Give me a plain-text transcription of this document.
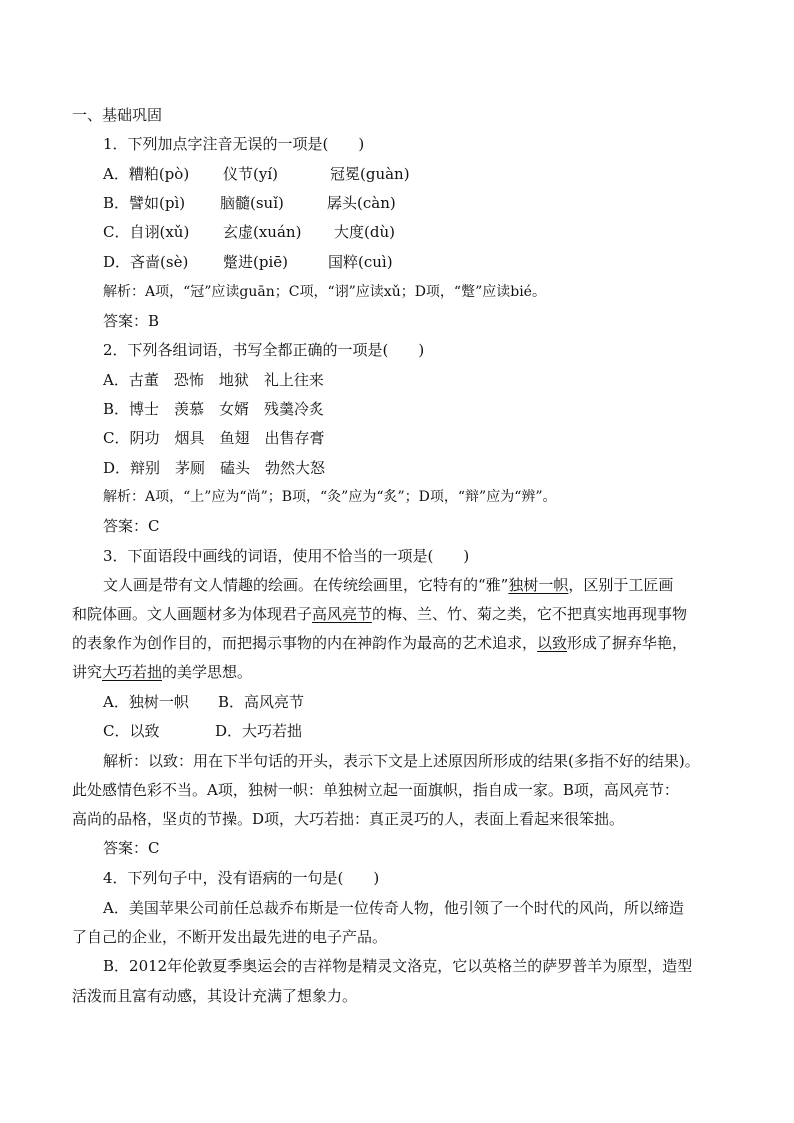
一、基础巩固
1．下列加点字注音无误的一项是(　　)
A．糟粕(pò) 仪节(yí)	冠冕(guàn)
B．譬如(pì) 脑髓(suǐ)	孱头(càn)
C．自诩(xǔ) 玄虚(xuán) 大度(dù)
D．吝啬(sè) 蹩进(piē)	国粹(cuì)
解析：A项，“冠”应读guān；C项，“诩”应读xǔ；D项，“蹩”应读bié。
答案：B
2．下列各组词语，书写全都正确的一项是(　　)
A．古董　恐怖　地狱　礼上往来
B．博士　羡慕　女婿　残羹冷炙
C．阴功　烟具　鱼翅　出售存膏
D．辩别　茅厕　磕头　勃然大怒
解析：A项，“上”应为“尚”；B项，“灸”应为“炙”；D项，“辩”应为“辨”。
答案：C
3．下面语段中画线的词语，使用不恰当的一项是(　　)
文人画是带有文人情趣的绘画。在传统绘画里，它特有的“雅”独树一帜，区别于工匠画
和院体画。文人画题材多为体现君子高风亮节的梅、兰、竹、菊之类，它不把真实地再现事物
的表象作为创作目的，而把揭示事物的内在神韵作为最高的艺术追求，以致形成了摒弃华艳，
讲究大巧若拙的美学思想。
A．独树一帜 B．高风亮节
C．以致	D．大巧若拙
解析：以致：用在下半句话的开头，表示下文是上述原因所形成的结果(多指不好的结果)。
此处感情色彩不当。A项，独树一帜：单独树立起一面旗帜，指自成一家。B项，高风亮节：
高尚的品格，坚贞的节操。D项，大巧若拙：真正灵巧的人，表面上看起来很笨拙。
答案：C
4．下列句子中，没有语病的一句是(　　)
A．美国苹果公司前任总裁乔布斯是一位传奇人物，他引领了一个时代的风尚，所以缔造
了自己的企业，不断开发出最先进的电子产品。
B．2012年伦敦夏季奥运会的吉祥物是精灵文洛克，它以英格兰的萨罗普羊为原型，造型
活泼而且富有动感，其设计充满了想象力。
